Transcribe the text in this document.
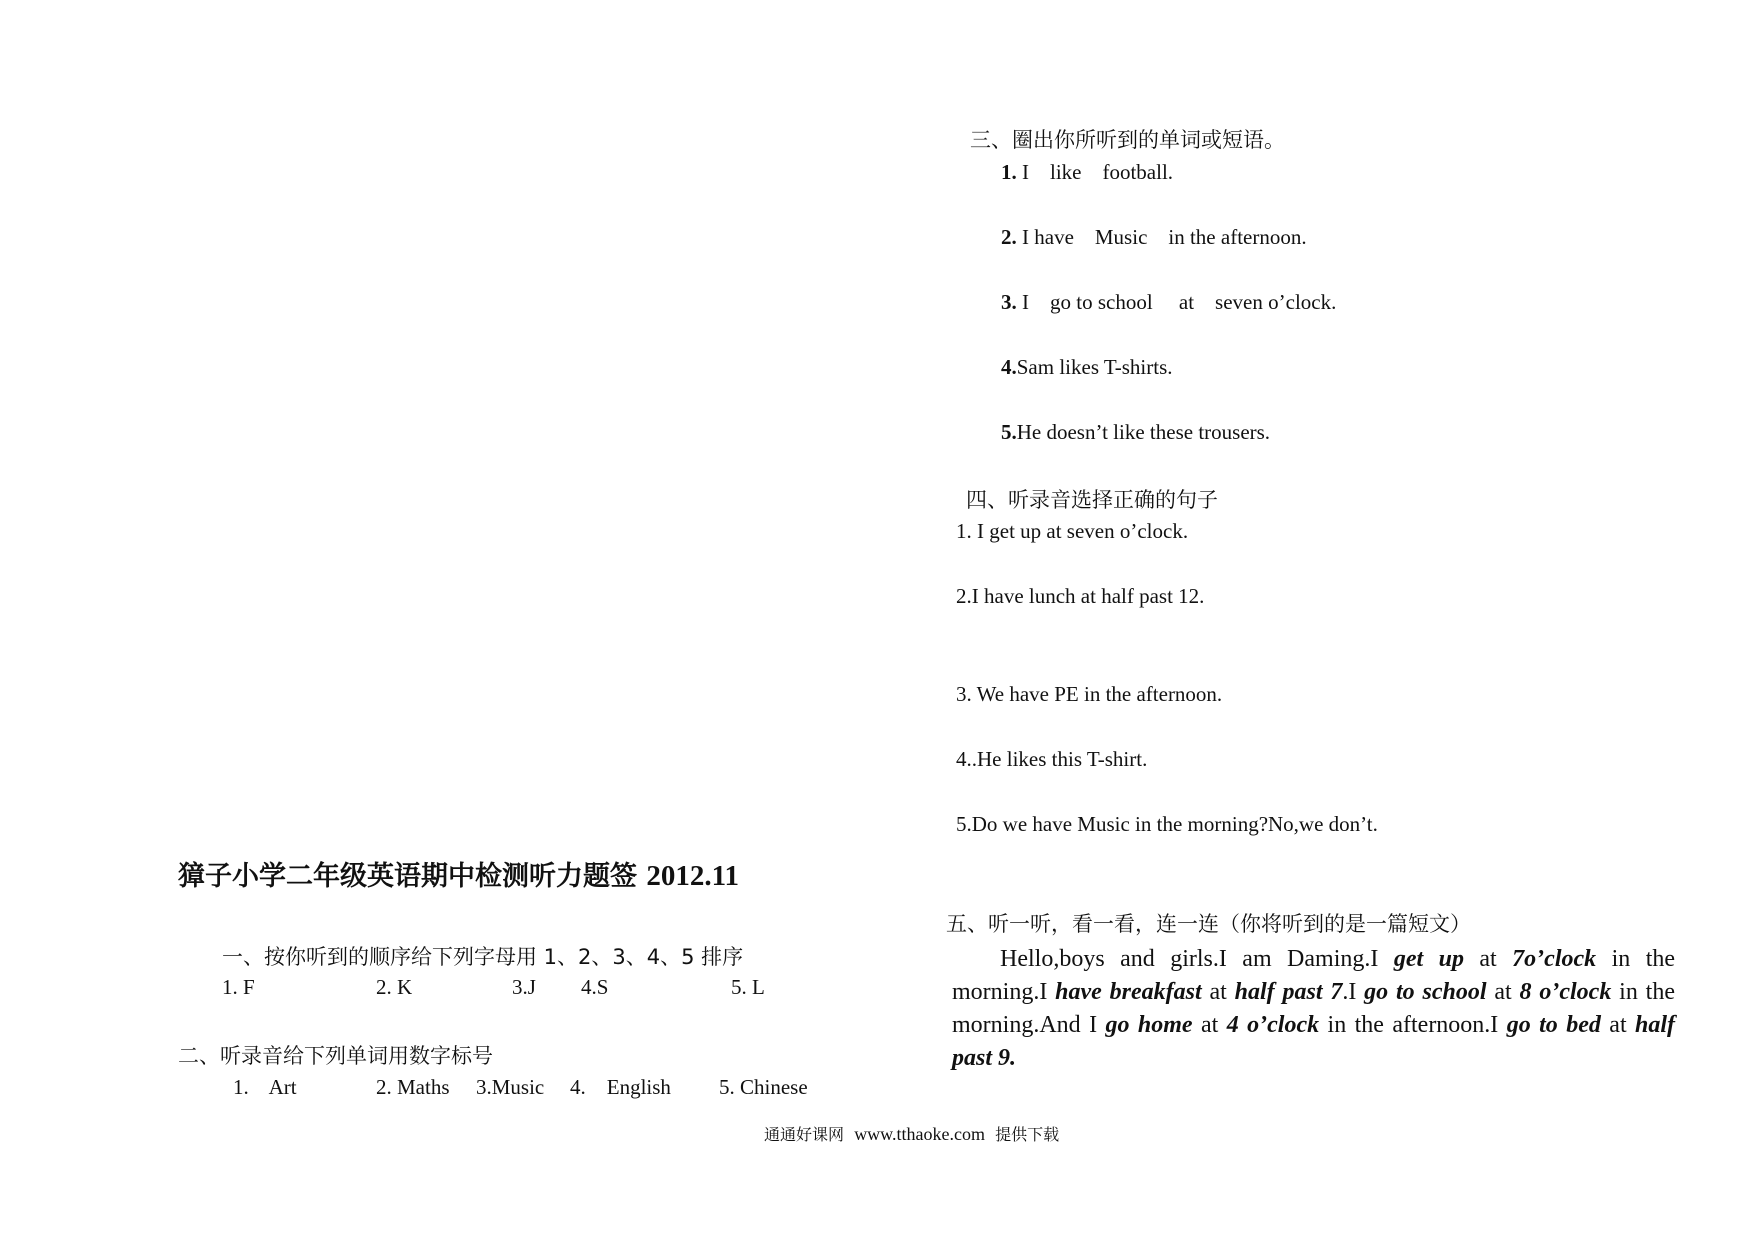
三、圈出你所听到的单词或短语。
1. I    like    football.
2. I have    Music    in the afternoon.
3. I    go to school     at    seven o’clock.
4.Sam likes T-shirts.
5.He doesn’t like these trousers.
四、听录音选择正确的句子
1. I get up at seven o’clock.
2.I have lunch at half past 12.
3. We have PE in the afternoon.
4..He likes this T-shirt.
5.Do we have Music in the morning?No,we don’t.
獐子小学二年级英语期中检测听力题签 2012.11
一、按你听到的顺序给下列字母用 1、2、3、4、5 排序
1. F	2. K	3.J 4.S	5. L
二、听录音给下列单词用数字标号
1.    Art	2. Maths 3.Music 4.    English 5. Chinese
五、听一听，看一看，连一连（你将听到的是一篇短文）
Hello,boys and girls.I am Daming.I get up at 7o’clock in the morning.I have breakfast at half past 7.I go to school at 8 o’clock in the morning.And I go home at 4 o’clock in the afternoon.I go to bed at half past 9.
通通好课网 www.tthaoke.com 提供下载
